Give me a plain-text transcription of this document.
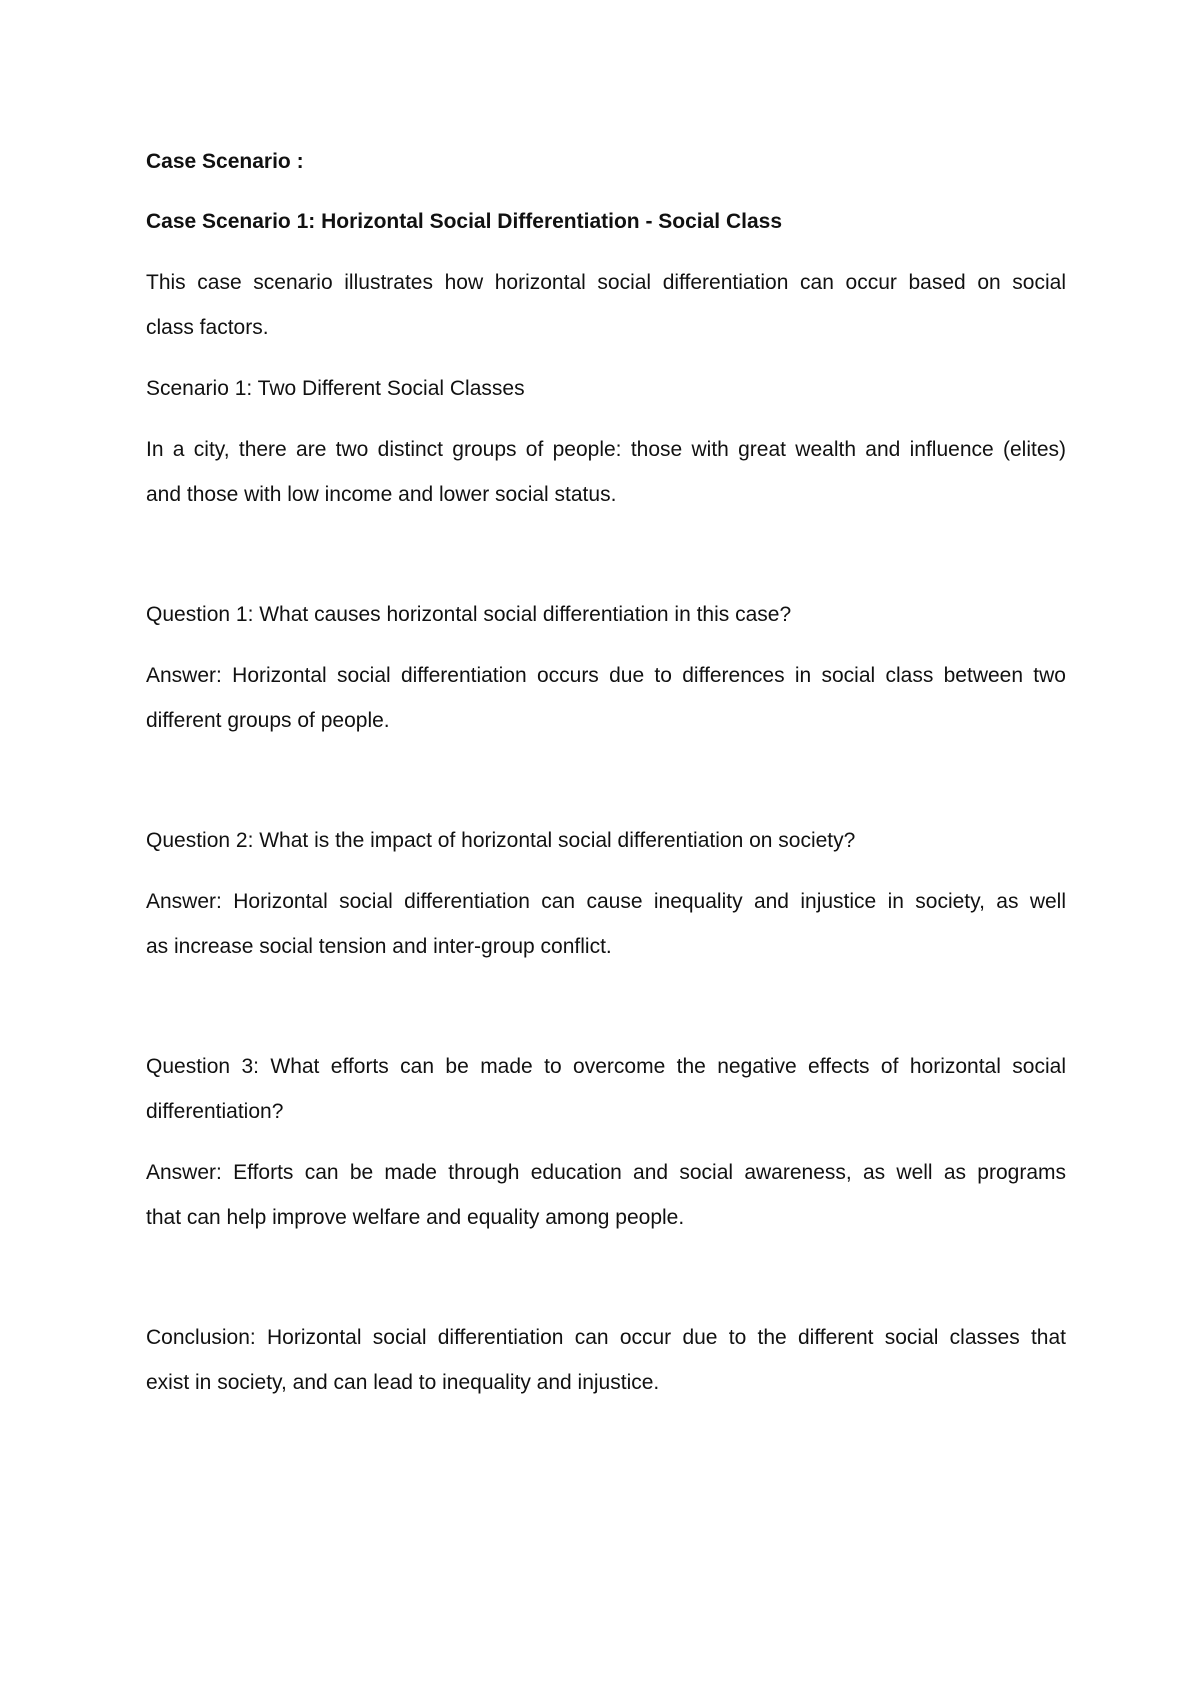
Case Scenario :

Case Scenario 1: Horizontal Social Differentiation - Social Class

This case scenario illustrates how horizontal social differentiation can occur based on social

class factors.

Scenario 1: Two Different Social Classes

In a city, there are two distinct groups of people: those with great wealth and influence (elites)

and those with low income and lower social status.

Question 1: What causes horizontal social differentiation in this case?

Answer: Horizontal social differentiation occurs due to differences in social class between two

different groups of people.

Question 2: What is the impact of horizontal social differentiation on society?

Answer: Horizontal social differentiation can cause inequality and injustice in society, as well

as increase social tension and inter-group conflict.

Question 3: What efforts can be made to overcome the negative effects of horizontal social

differentiation?

Answer: Efforts can be made through education and social awareness, as well as programs

that can help improve welfare and equality among people.

Conclusion: Horizontal social differentiation can occur due to the different social classes that

exist in society, and can lead to inequality and injustice.
